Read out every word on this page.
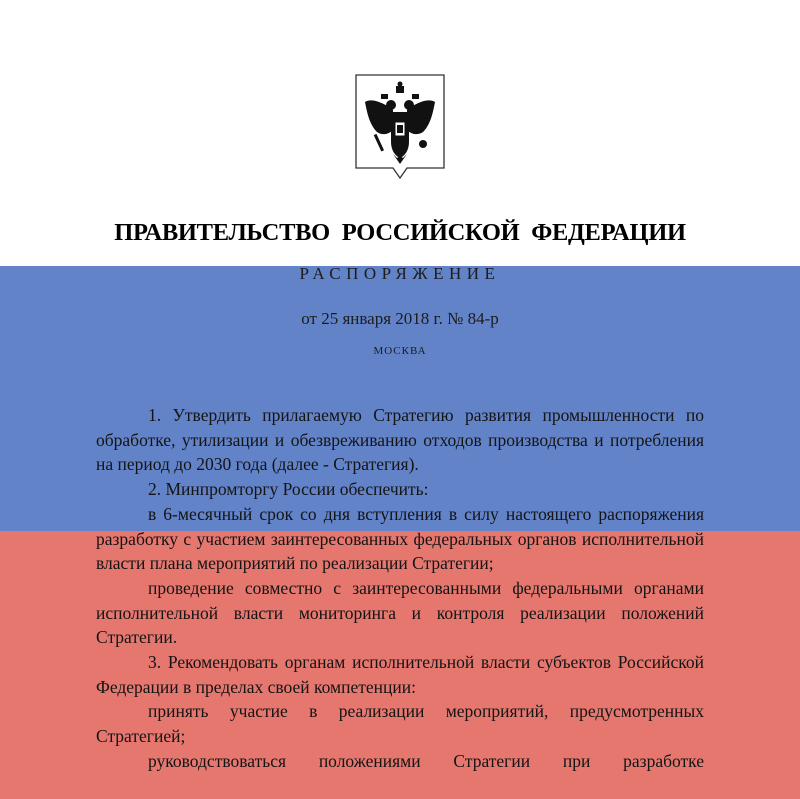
ПРАВИТЕЛЬСТВО РОССИЙСКОЙ ФЕДЕРАЦИИ
РАСПОРЯЖЕНИЕ
от 25 января 2018 г. № 84-р
МОСКВА

1. Утвердить прилагаемую Стратегию развития промышленности по обработке, утилизации и обезвреживанию отходов производства и потребления на период до 2030 года (далее - Стратегия).

2. Минпромторгу России обеспечить:

в 6-месячный срок со дня вступления в силу настоящего распоряжения разработку с участием заинтересованных федеральных органов исполнительной власти плана мероприятий по реализации Стратегии;

проведение совместно с заинтересованными федеральными органами исполнительной власти мониторинга и контроля реализации положений Стратегии.

3. Рекомендовать органам исполнительной власти субъектов Российской Федерации в пределах своей компетенции:

принять участие в реализации мероприятий, предусмотренных Стратегией;

руководствоваться положениями Стратегии при разработке
